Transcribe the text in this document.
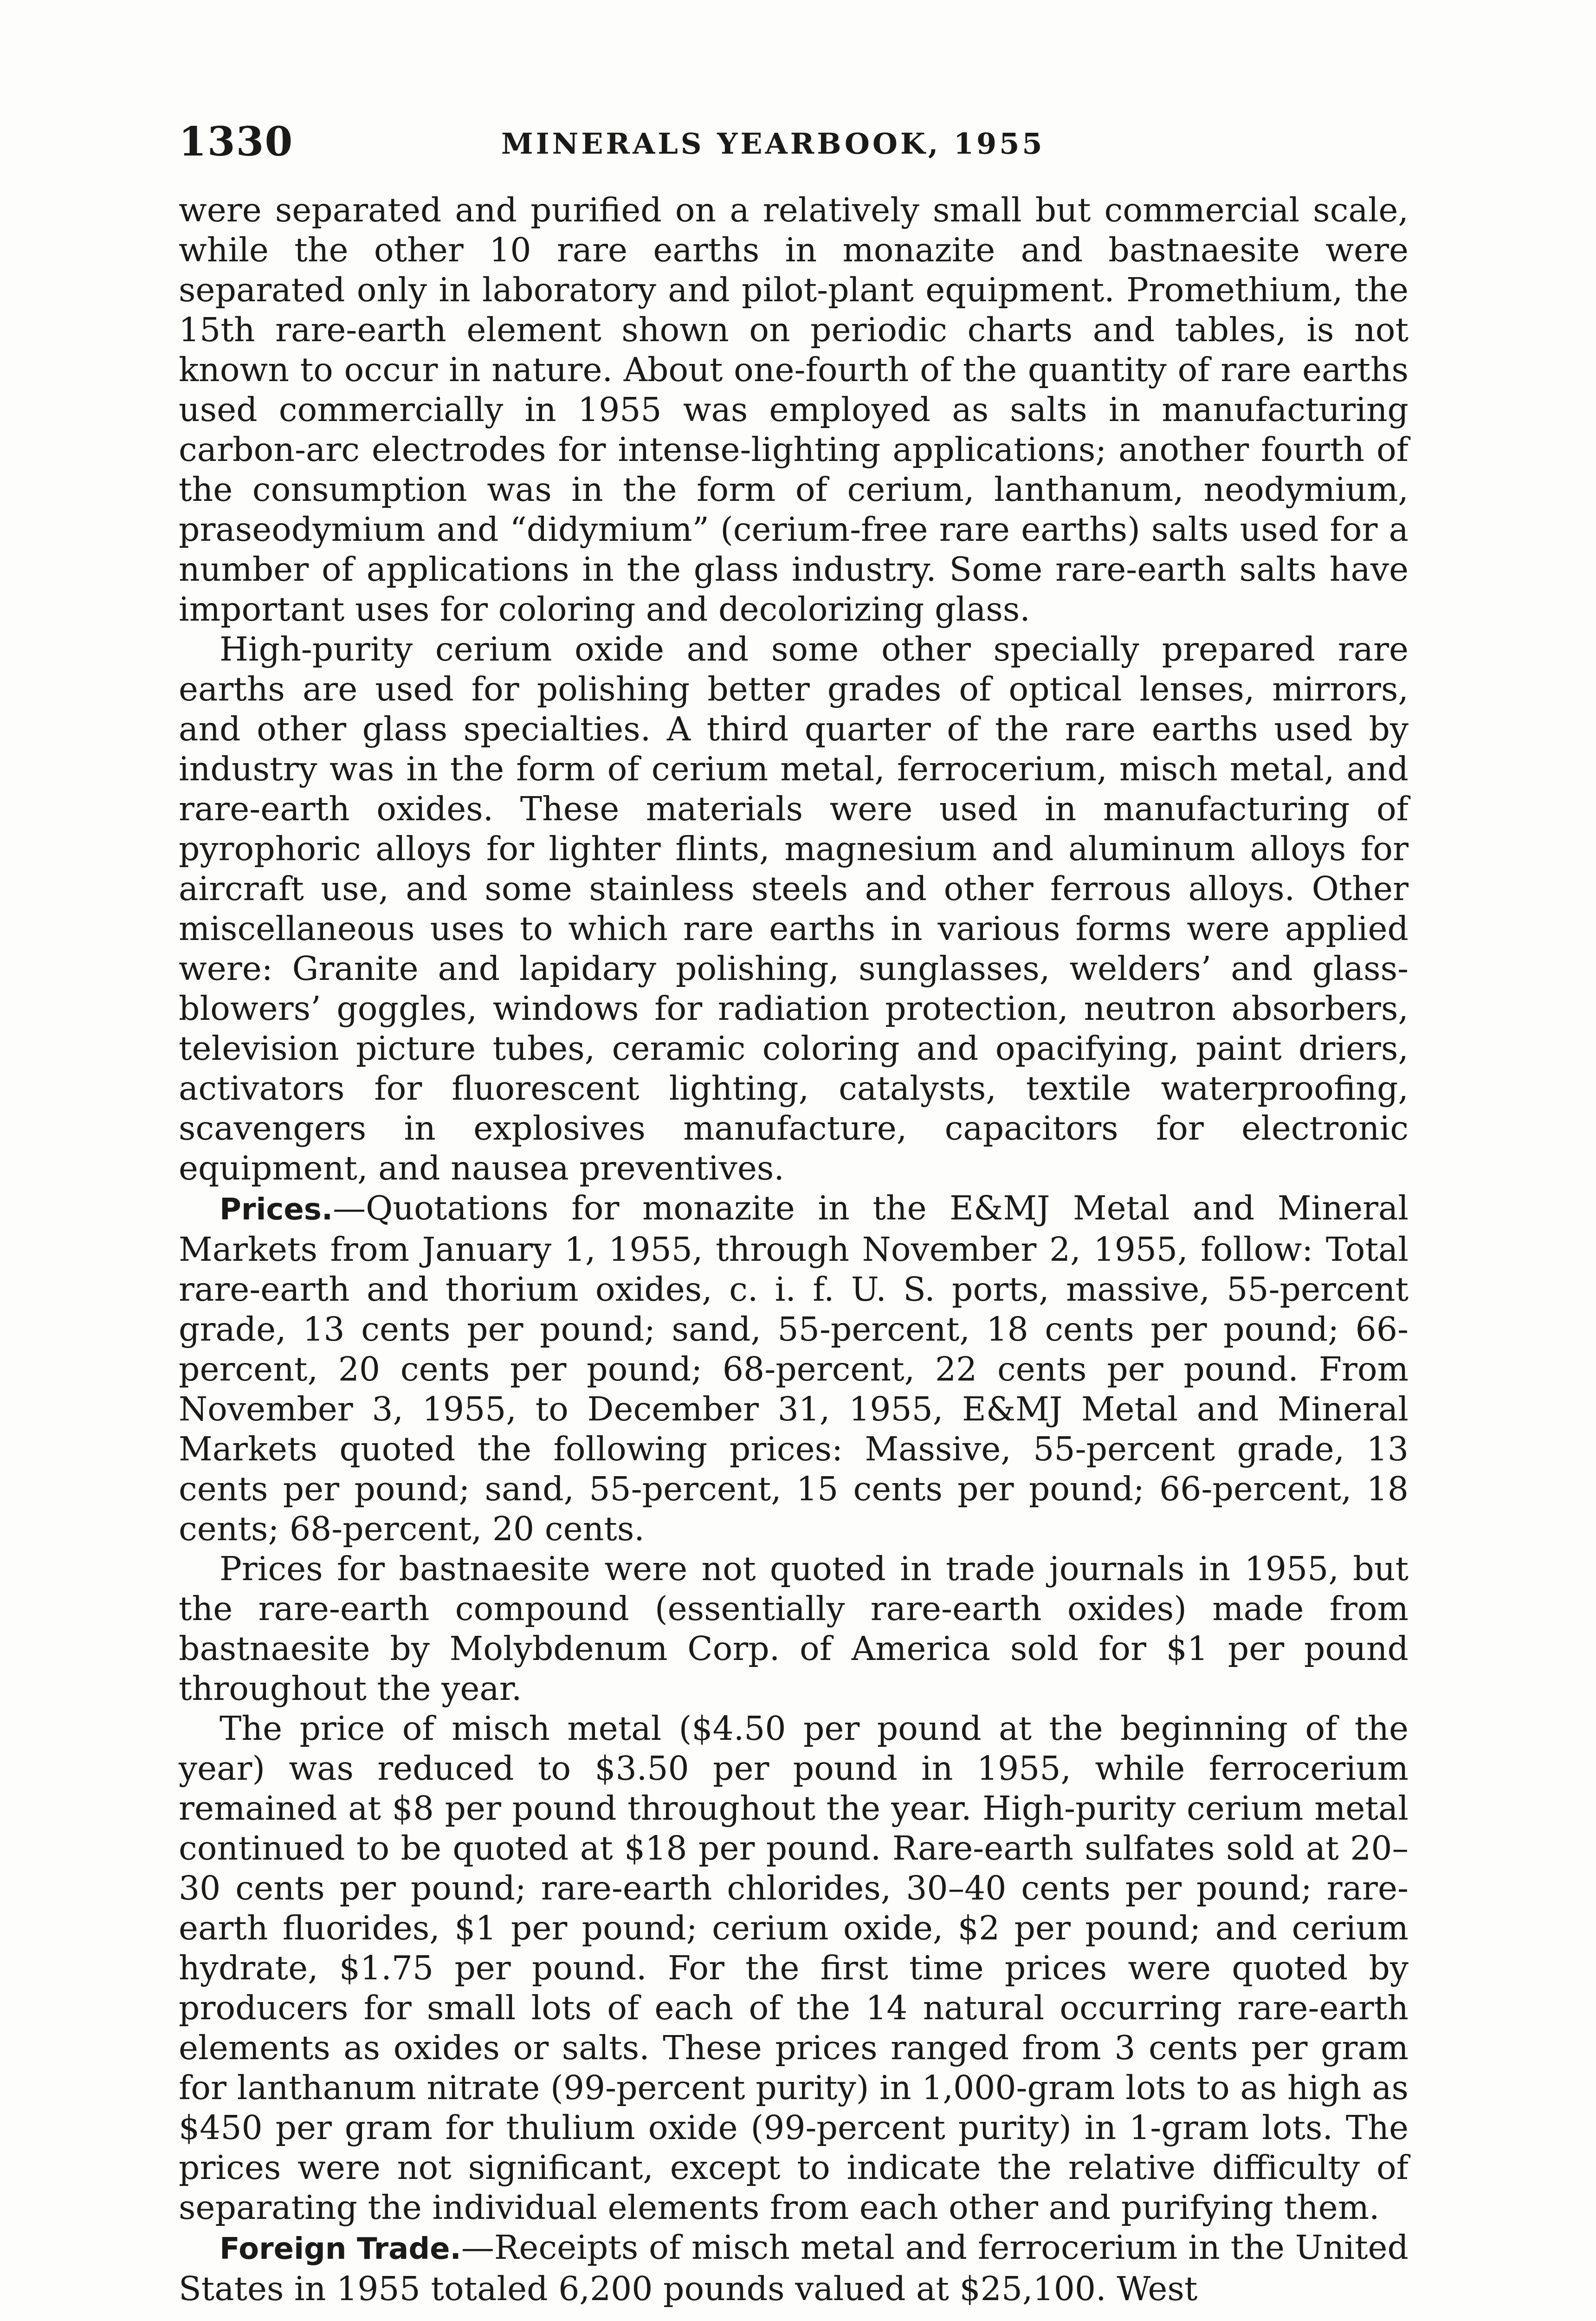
1330	MINERALS YEARBOOK, 1955

were separated and purified on a relatively small but commercial scale, while the other 10 rare earths in monazite and bastnaesite were separated only in laboratory and pilot-plant equipment. Promethium, the 15th rare-earth element shown on periodic charts and tables, is not known to occur in nature. About one-fourth of the quantity of rare earths used commercially in 1955 was employed as salts in manufacturing carbon-arc electrodes for intense-lighting applications; another fourth of the consumption was in the form of cerium, lanthanum, neodymium, praseodymium and “didymium” (cerium-free rare earths) salts used for a number of applications in the glass industry. Some rare-earth salts have important uses for coloring and decolorizing glass.

High-purity cerium oxide and some other specially prepared rare earths are used for polishing better grades of optical lenses, mirrors, and other glass specialties. A third quarter of the rare earths used by industry was in the form of cerium metal, ferrocerium, misch metal, and rare-earth oxides. These materials were used in manufacturing of pyrophoric alloys for lighter flints, magnesium and aluminum alloys for aircraft use, and some stainless steels and other ferrous alloys. Other miscellaneous uses to which rare earths in various forms were applied were: Granite and lapidary polishing, sunglasses, welders’ and glass-blowers’ goggles, windows for radiation protection, neutron absorbers, television picture tubes, ceramic coloring and opacifying, paint driers, activators for fluorescent lighting, catalysts, textile waterproofing, scavengers in explosives manufacture, capacitors for electronic equipment, and nausea preventives.

Prices.—Quotations for monazite in the E&MJ Metal and Mineral Markets from January 1, 1955, through November 2, 1955, follow: Total rare-earth and thorium oxides, c. i. f. U. S. ports, massive, 55-percent grade, 13 cents per pound; sand, 55-percent, 18 cents per pound; 66-percent, 20 cents per pound; 68-percent, 22 cents per pound. From November 3, 1955, to December 31, 1955, E&MJ Metal and Mineral Markets quoted the following prices: Massive, 55-percent grade, 13 cents per pound; sand, 55-percent, 15 cents per pound; 66-percent, 18 cents; 68-percent, 20 cents.

Prices for bastnaesite were not quoted in trade journals in 1955, but the rare-earth compound (essentially rare-earth oxides) made from bastnaesite by Molybdenum Corp. of America sold for $1 per pound throughout the year.

The price of misch metal ($4.50 per pound at the beginning of the year) was reduced to $3.50 per pound in 1955, while ferrocerium remained at $8 per pound throughout the year. High-purity cerium metal continued to be quoted at $18 per pound. Rare-earth sulfates sold at 20–30 cents per pound; rare-earth chlorides, 30–40 cents per pound; rare-earth fluorides, $1 per pound; cerium oxide, $2 per pound; and cerium hydrate, $1.75 per pound. For the first time prices were quoted by producers for small lots of each of the 14 natural occurring rare-earth elements as oxides or salts. These prices ranged from 3 cents per gram for lanthanum nitrate (99-percent purity) in 1,000-gram lots to as high as $450 per gram for thulium oxide (99-percent purity) in 1-gram lots. The prices were not significant, except to indicate the relative difficulty of separating the individual elements from each other and purifying them.

Foreign Trade.—Receipts of misch metal and ferrocerium in the United States in 1955 totaled 6,200 pounds valued at $25,100. West
